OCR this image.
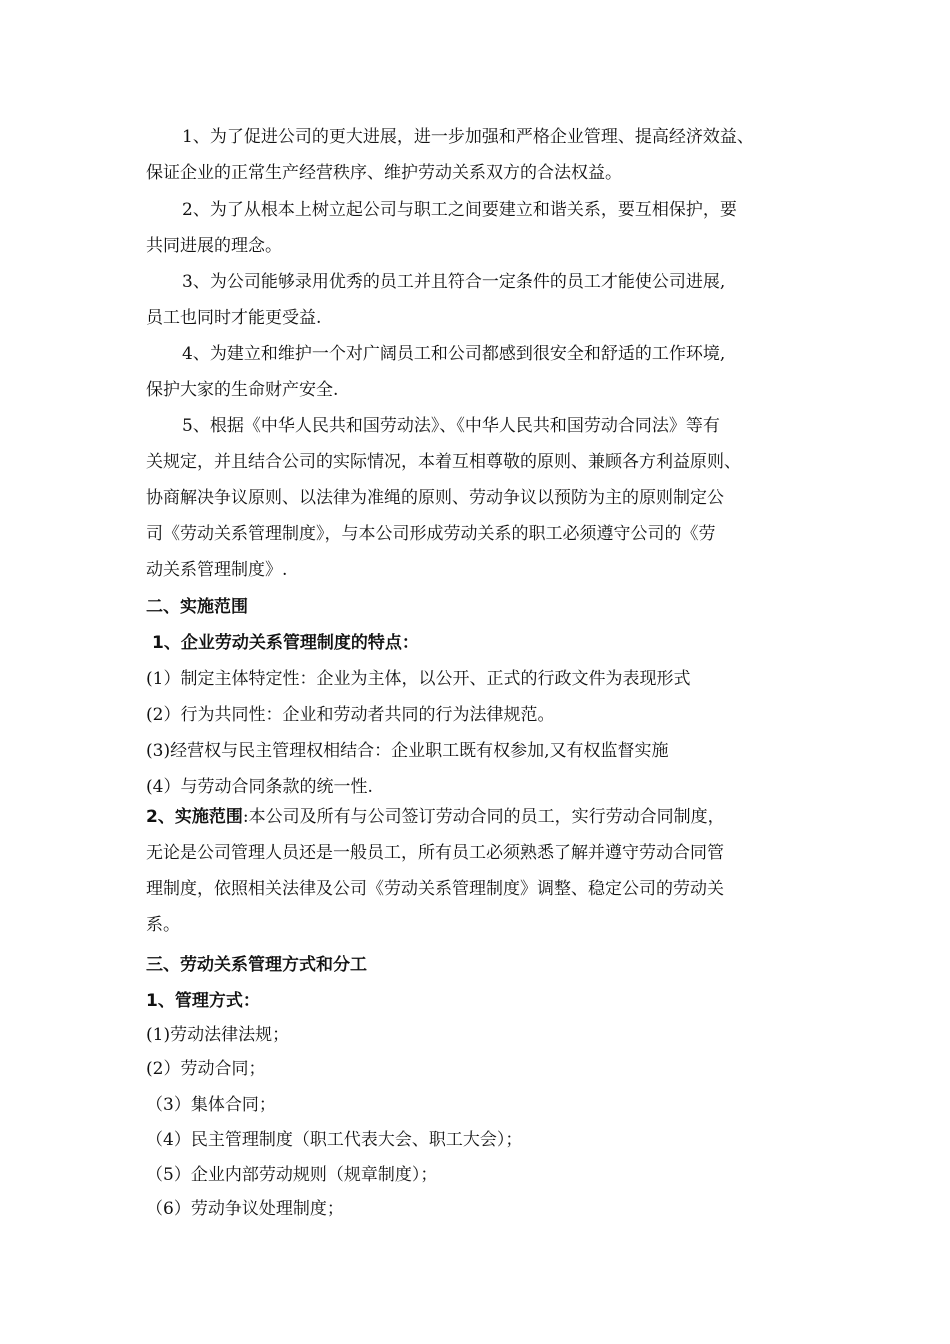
1、为了促进公司的更大进展，进一步加强和严格企业管理、提高经济效益、
保证企业的正常生产经营秩序、维护劳动关系双方的合法权益。
2、为了从根本上树立起公司与职工之间要建立和谐关系，要互相保护，要
共同进展的理念。
3、为公司能够录用优秀的员工并且符合一定条件的员工才能使公司进展,
员工也同时才能更受益.
4、为建立和维护一个对广阔员工和公司都感到很安全和舒适的工作环境,
保护大家的生命财产安全.
5、根据《中华人民共和国劳动法》、《中华人民共和国劳动合同法》等有
关规定，并且结合公司的实际情况，本着互相尊敬的原则、兼顾各方利益原则、
协商解决争议原则、以法律为准绳的原则、劳动争议以预防为主的原则制定公
司《劳动关系管理制度》，与本公司形成劳动关系的职工必须遵守公司的《劳
动关系管理制度》.
二、实施范围
1、企业劳动关系管理制度的特点：
(1）制定主体特定性：企业为主体，以公开、正式的行政文件为表现形式
(2）行为共同性：企业和劳动者共同的行为法律规范。
(3)经营权与民主管理权相结合：企业职工既有权参加,又有权监督实施
(4）与劳动合同条款的统一性.
2、实施范围:本公司及所有与公司签订劳动合同的员工，实行劳动合同制度，
无论是公司管理人员还是一般员工，所有员工必须熟悉了解并遵守劳动合同管
理制度，依照相关法律及公司《劳动关系管理制度》调整、稳定公司的劳动关
系。
三、劳动关系管理方式和分工
1、管理方式：
(1)劳动法律法规；
(2）劳动合同；
（3）集体合同；
（4）民主管理制度（职工代表大会、职工大会）；
（5）企业内部劳动规则（规章制度）；
（6）劳动争议处理制度；
